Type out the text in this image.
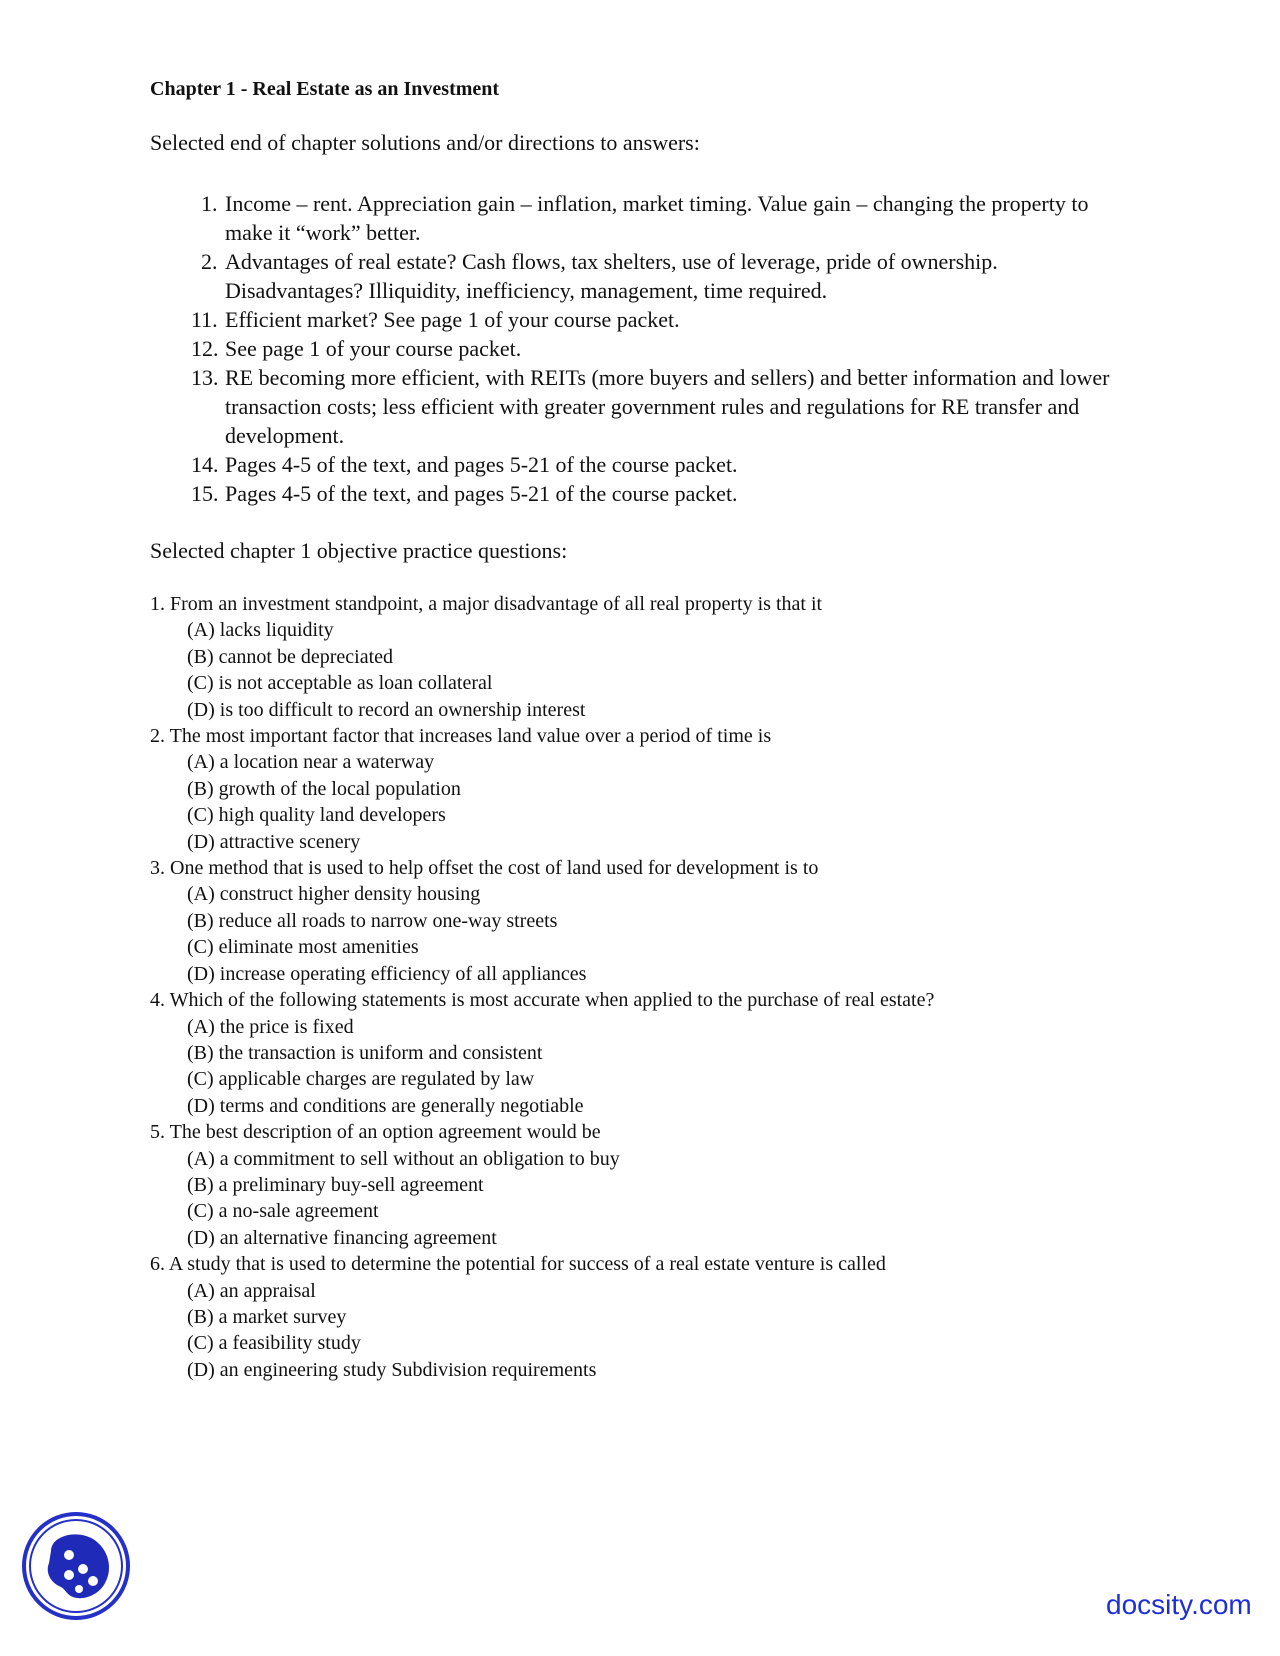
Chapter 1 - Real Estate as an Investment
Selected end of chapter solutions and/or directions to answers:
1. Income – rent. Appreciation gain – inflation, market timing. Value gain – changing the property to make it “work” better.
2. Advantages of real estate? Cash flows, tax shelters, use of leverage, pride of ownership. Disadvantages? Illiquidity, inefficiency, management, time required.
11. Efficient market? See page 1 of your course packet.
12. See page 1 of your course packet.
13. RE becoming more efficient, with REITs (more buyers and sellers) and better information and lower transaction costs; less efficient with greater government rules and regulations for RE transfer and development.
14. Pages 4-5 of the text, and pages 5-21 of the course packet.
15. Pages 4-5 of the text, and pages 5-21 of the course packet.
Selected chapter 1 objective practice questions:
1. From an investment standpoint, a major disadvantage of all real property is that it
(A) lacks liquidity
(B) cannot be depreciated
(C) is not acceptable as loan collateral
(D) is too difficult to record an ownership interest
2. The most important factor that increases land value over a period of time is
(A) a location near a waterway
(B) growth of the local population
(C) high quality land developers
(D) attractive scenery
3. One method that is used to help offset the cost of land used for development is to
(A) construct higher density housing
(B) reduce all roads to narrow one-way streets
(C) eliminate most amenities
(D) increase operating efficiency of all appliances
4. Which of the following statements is most accurate when applied to the purchase of real estate?
(A) the price is fixed
(B) the transaction is uniform and consistent
(C) applicable charges are regulated by law
(D) terms and conditions are generally negotiable
5. The best description of an option agreement would be
(A) a commitment to sell without an obligation to buy
(B) a preliminary buy-sell agreement
(C) a no-sale agreement
(D) an alternative financing agreement
6. A study that is used to determine the potential for success of a real estate venture is called
(A) an appraisal
(B) a market survey
(C) a feasibility study
(D) an engineering study Subdivision requirements
docsity.com
